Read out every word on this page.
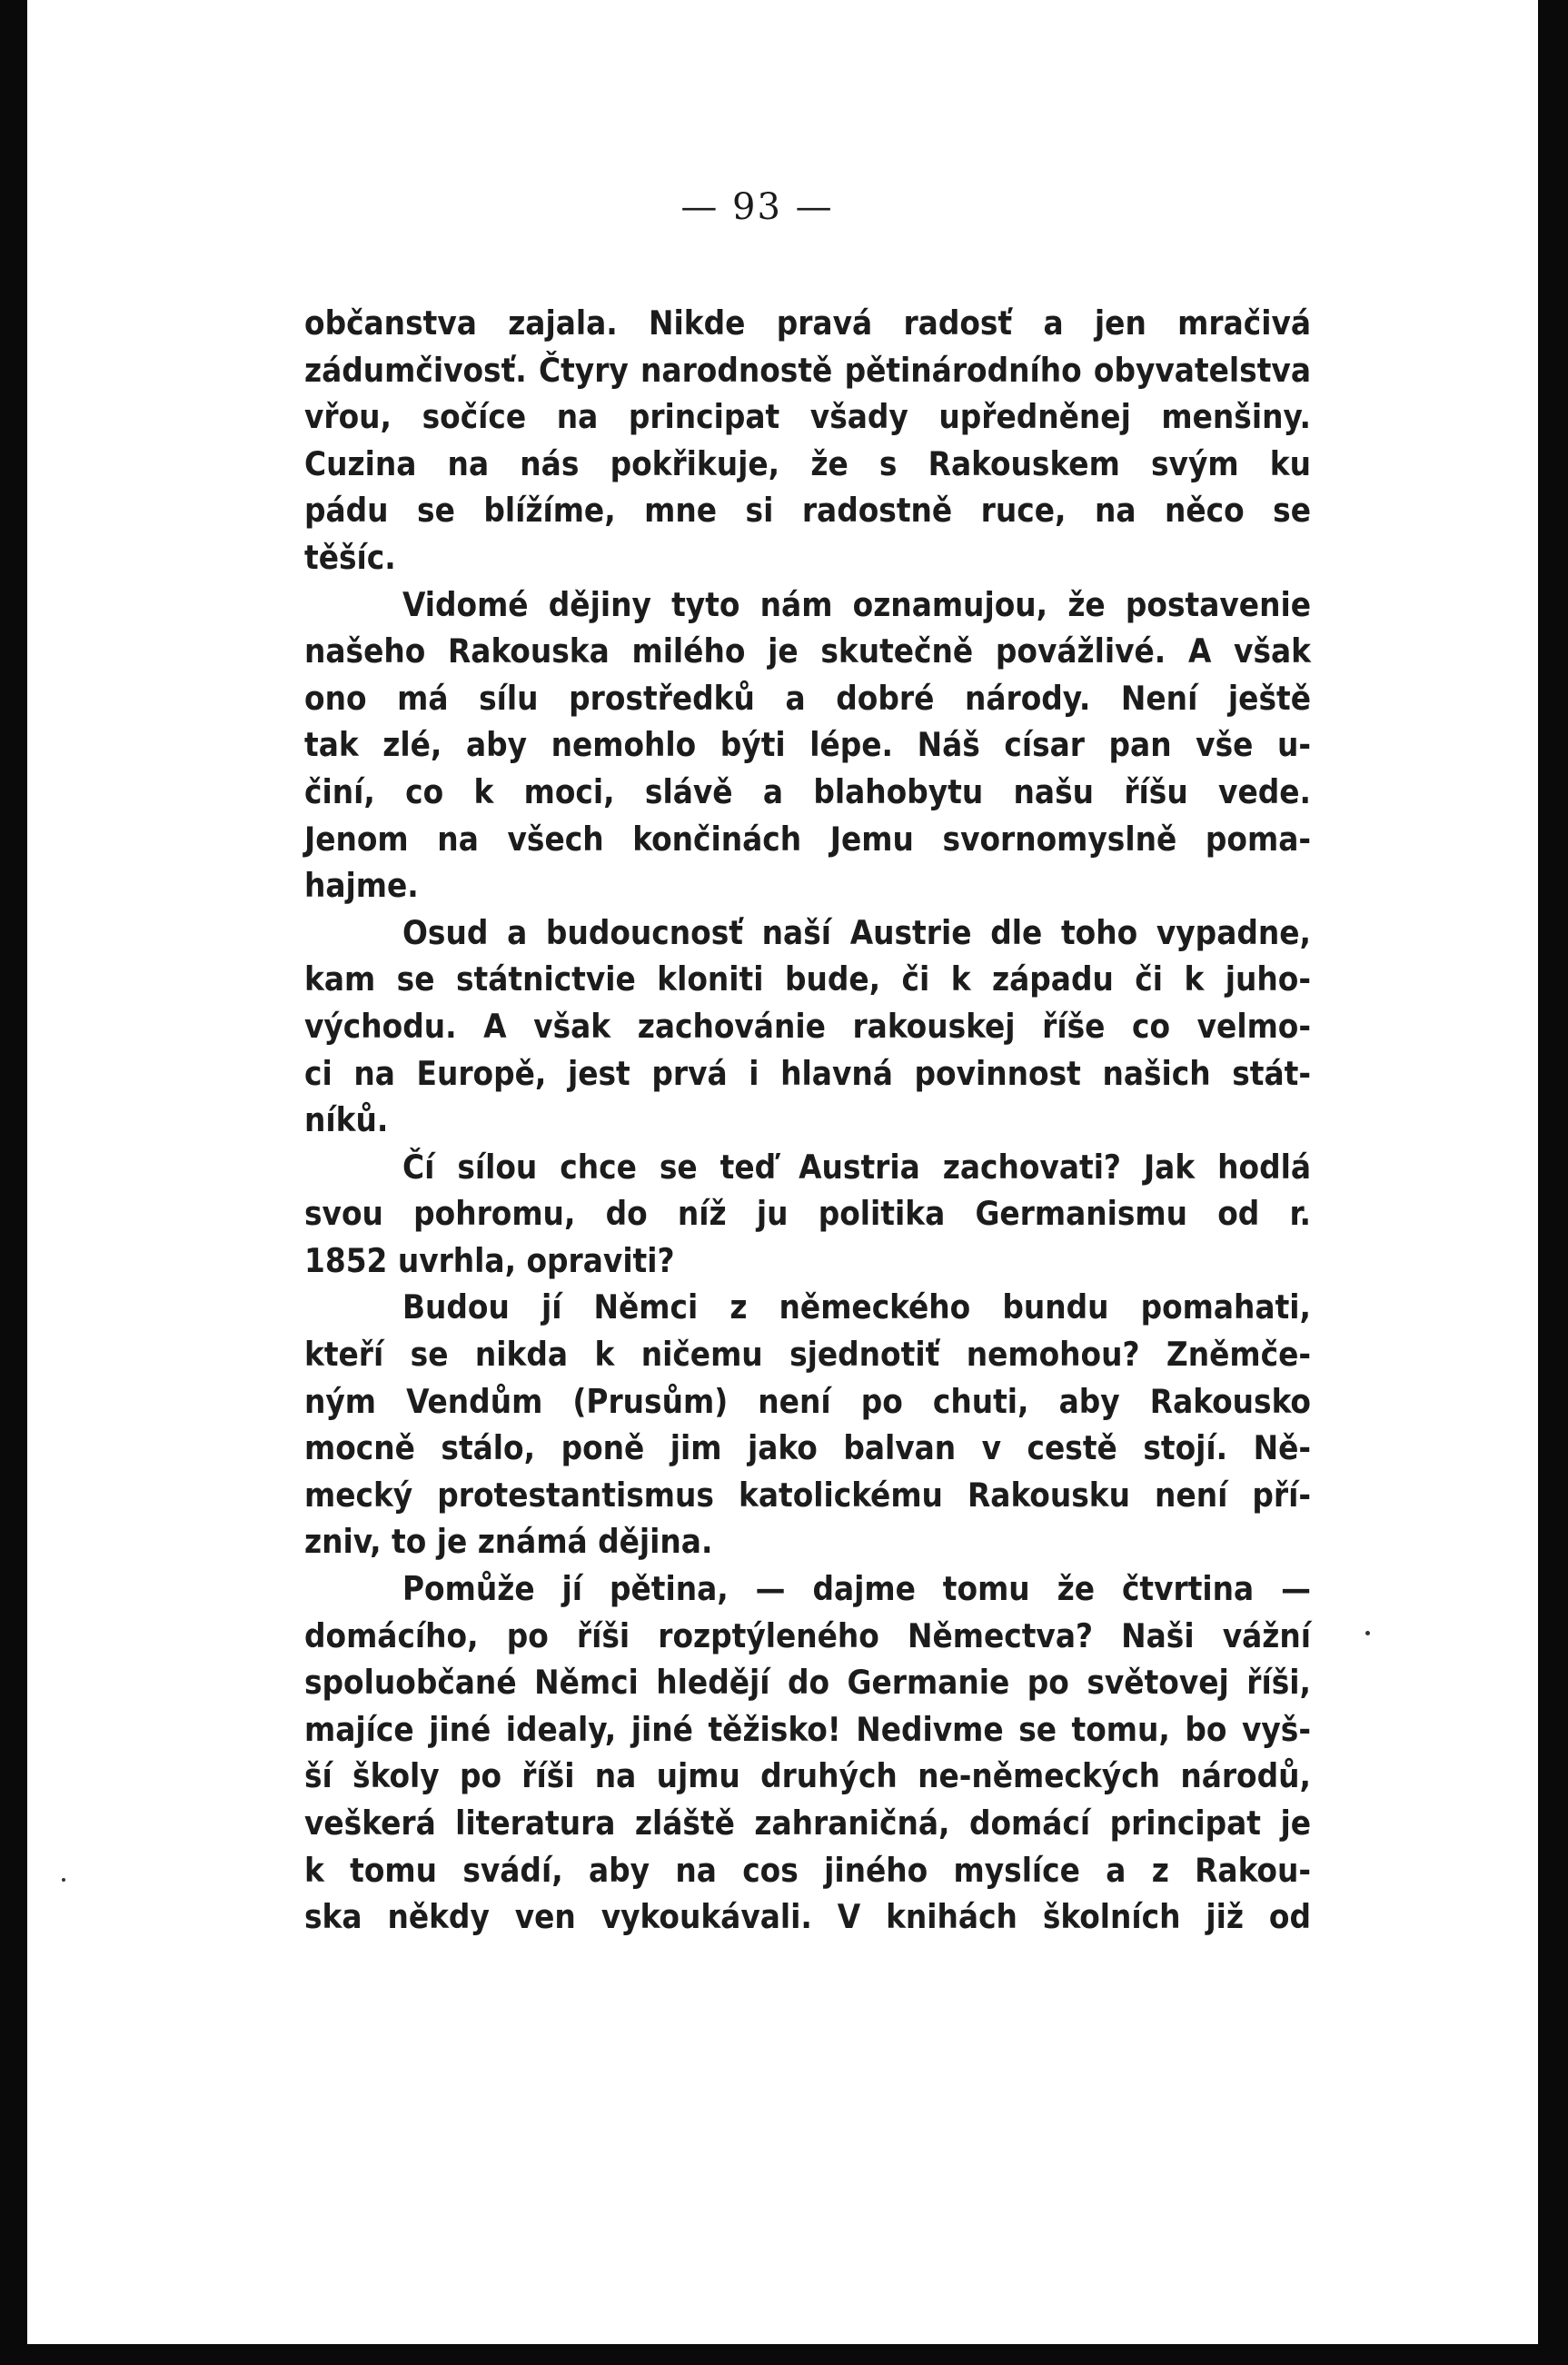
— 93 —
občanstva zajala. Nikde pravá radosť a jen mračivá
zádumčivosť. Čtyry narodnostě pětinárodního obyvatelstva
vřou, sočíce na principat všady upředněnej menšiny.
Cuzina na nás pokřikuje, že s Rakouskem svým ku
pádu se blížíme, mne si radostně ruce, na něco se
těšíc.
Vidomé dějiny tyto nám oznamujou, že postavenie
našeho Rakouska milého je skutečně povážlivé. A však
ono má sílu prostředků a dobré národy. Není ještě
tak zlé, aby nemohlo býti lépe. Náš císar pan vše u-
činí, co k moci, slávě a blahobytu našu říšu vede.
Jenom na všech končinách Jemu svornomyslně poma-
hajme.
Osud a budoucnosť naší Austrie dle toho vypadne,
kam se státnictvie kloniti bude, či k západu či k juho-
východu. A však zachovánie rakouskej říše co velmo-
ci na Europě, jest prvá i hlavná povinnost našich stát-
níků.
Čí sílou chce se teď Austria zachovati? Jak hodlá
svou pohromu, do níž ju politika Germanismu od r.
1852 uvrhla, opraviti?
Budou jí Němci z německého bundu pomahati,
kteří se nikda k ničemu sjednotiť nemohou? Zněmče-
ným Vendům (Prusům) není po chuti, aby Rakousko
mocně stálo, poně jim jako balvan v cestě stojí. Ně-
mecký protestantismus katolickému Rakousku není pří-
zniv, to je známá dějina.
Pomůže jí pětina, — dajme tomu že čtvrtina —
domácího, po říši rozptýleného Němectva? Naši vážní
spoluobčané Němci hledějí do Germanie po světovej říši,
majíce jiné idealy, jiné těžisko! Nedivme se tomu, bo vyš-
ší školy po říši na ujmu druhých ne-německých národů,
veškerá literatura zláště zahraničná, domácí principat je
k tomu svádí, aby na cos jiného myslíce a z Rakou-
ska někdy ven vykoukávali. V knihách školních již od
